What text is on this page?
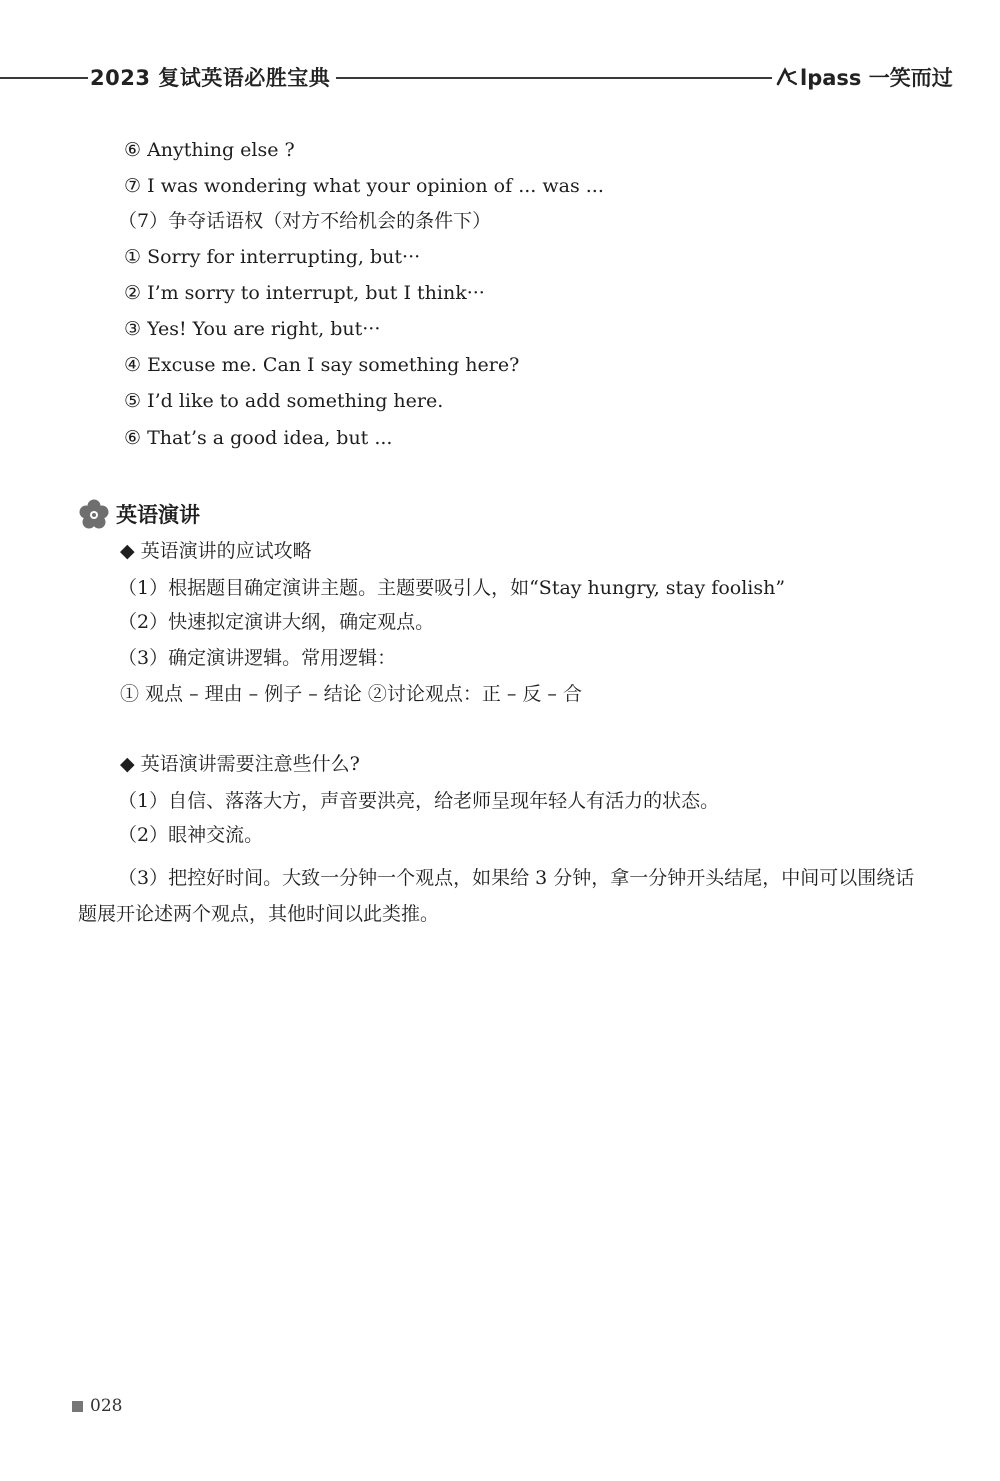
2023 复试英语必胜宝典	lpass 一笑而过
⑥ Anything else ?
⑦ I was wondering what your opinion of ... was ...
（7）争夺话语权（对方不给机会的条件下）
① Sorry for interrupting, but···
② I’m sorry to interrupt, but I think···
③ Yes! You are right, but···
④ Excuse me. Can I say something here?
⑤ I’d like to add something here.
⑥ That’s a good idea, but ...
英语演讲
◆ 英语演讲的应试攻略
（1）根据题目确定演讲主题。主题要吸引人，如“Stay hungry, stay foolish”
（2）快速拟定演讲大纲，确定观点。
（3）确定演讲逻辑。常用逻辑：
① 观点 – 理由 – 例子 – 结论 ②讨论观点：正 – 反 – 合
◆ 英语演讲需要注意些什么?
（1）自信、落落大方，声音要洪亮，给老师呈现年轻人有活力的状态。
（2）眼神交流。
（3）把控好时间。大致一分钟一个观点，如果给 3 分钟，拿一分钟开头结尾，中间可以围绕话题展开论述两个观点，其他时间以此类推。
028
